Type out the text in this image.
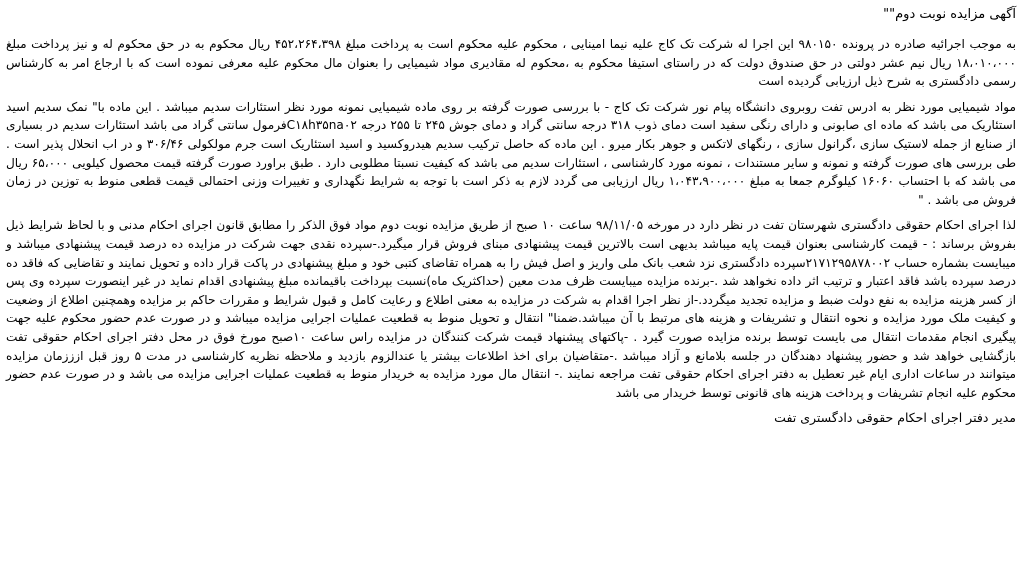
آگهی مزایده نوبت دوم""
به موجب اجرائیه صادره در پرونده ۹۸۰۱۵۰ این اجرا له شرکت تک کاج علیه نیما امینایی ، محکوم علیه محکوم است به پرداخت مبلغ ۴۵۲،۲۶۴،۳۹۸ ریال محکوم به در حق محکوم له و نیز پرداخت مبلغ ۱۸،۰۱۰،۰۰۰ ریال نیم عشر دولتی در حق صندوق دولت که در راستای استیفا محکوم به ،محکوم له مقادیری مواد شیمیایی را بعنوان مال محکوم علیه معرفی نموده است که با ارجاع امر به کارشناس رسمی دادگستری به شرح ذیل ارزیابی گردیده است
مواد شیمیایی مورد نظر به ادرس تفت روبروی دانشگاه پیام نور شرکت تک کاج - با بررسی صورت گرفته بر روی ماده شیمیایی نمونه مورد نظر استئارات سدیم میباشد . این ماده با" نمک سدیم اسید استئاریک می باشد که ماده ای صابونی و دارای رنگی سفید است دمای ذوب ۳۱۸ درجه سانتی گراد و دمای جوش ۲۴۵ تا ۲۵۵ درجه C۱۸h۳۵na۰۲فرمول سانتی گراد می باشد استئارات سدیم در بسیاری از صنایع از جمله لاستیک سازی ،گرانول سازی ، رنگهای لاتکس و جوهر بکار میرو . این ماده که حاصل ترکیب سدیم هیدروکسید و اسید استئاریک است جرم مولکولی ۳۰۶/۴۶ و در اب انحلال پذیر است . طی بررسی های صورت گرفته و نمونه و سایر مستندات ، نمونه مورد کارشناسی ، استئارات سدیم می باشد که کیفیت نسبتا مطلوبی دارد . طبق براورد صورت گرفته قیمت محصول کیلویی ۶۵،۰۰۰ ریال می باشد که با احتساب ۱۶۰۶۰ کیلوگرم جمعا به مبلغ ۱،۰۴۳،۹۰۰،۰۰۰ ریال ارزیابی می گردد لازم به ذکر است با توجه به شرایط نگهداری و تغییرات وزنی احتمالی قیمت قطعی منوط به توزین در زمان فروش می باشد . "
لذا اجرای احکام حقوقی دادگستری شهرستان تفت در نظر دارد در مورخه ۹۸/۱۱/۰۵ ساعت ۱۰ صبح از طریق مزایده نوبت دوم مواد فوق الذکر را مطابق قانون اجرای احکام مدنی و با لحاظ شرایط ذیل بفروش برساند : - قیمت کارشناسی بعنوان قیمت پایه میباشد بدیهی است بالاترین قیمت پیشنهادی مبنای فروش قرار میگیرد.-سپرده نقدی جهت شرکت در مزایده ده درصد قیمت پیشنهادی میباشد و میبایست بشماره حساب ۲۱۷۱۲۹۵۸۷۸۰۰۲سپرده دادگستری نزد شعب بانک ملی واریز و اصل فیش را به همراه تقاضای کتبی خود و مبلغ پیشنهادی در پاکت قرار داده و تحویل نمایند و تقاضایی که فاقد ده درصد سپرده باشد فاقد اعتبار و ترتیب اثر داده نخواهد شد .-برنده مزایده میبایست ظرف مدت معین (حداکثریک ماه)نسبت بپرداخت باقیمانده مبلغ پیشنهادی اقدام نماید در غیر اینصورت سپرده وی پس از کسر هزینه مزایده به نفع دولت ضبط و مزایده تجدید میگردد.-از نظر اجرا اقدام به شرکت در مزایده به معنی اطلاع و رعایت کامل و قبول شرایط و مقررات حاکم بر مزایده وهمچنین اطلاع از وضعیت و کیفیت ملک مورد مزایده و نحوه انتقال و تشریفات و هزینه های مرتبط با آن میباشد.ضمنا" انتقال و تحویل منوط به قطعیت عملیات اجرایی مزایده میباشد و در صورت عدم حضور محکوم علیه جهت پیگیری انجام مقدمات انتقال می بایست توسط برنده مزایده صورت گیرد . -پاکتهای پیشنهاد قیمت شرکت کنندگان در مزایده راس ساعت ۱۰صبح مورخ فوق در محل دفتر اجرای احکام حقوقی تفت بازگشایی خواهد شد و حضور پیشنهاد دهندگان در جلسه بلامانع و آزاد میباشد .-متقاضیان برای اخذ اطلاعات بیشتر یا عندالزوم بازدید و ملاحظه نظریه کارشناسی در مدت ۵ روز قبل ازززمان مزایده میتوانند در ساعات اداری ایام غیر تعطیل به دفتر اجرای احکام حقوقی تفت مراجعه نمایند .- انتقال مال مورد مزایده به خریدار منوط به قطعیت عملیات اجرایی مزایده می باشد و در صورت عدم حضور محکوم علیه انجام تشریفات و پرداخت هزینه های قانونی توسط خریدار می باشد
مدیر دفتر اجرای احکام حقوقی دادگستری تفت
